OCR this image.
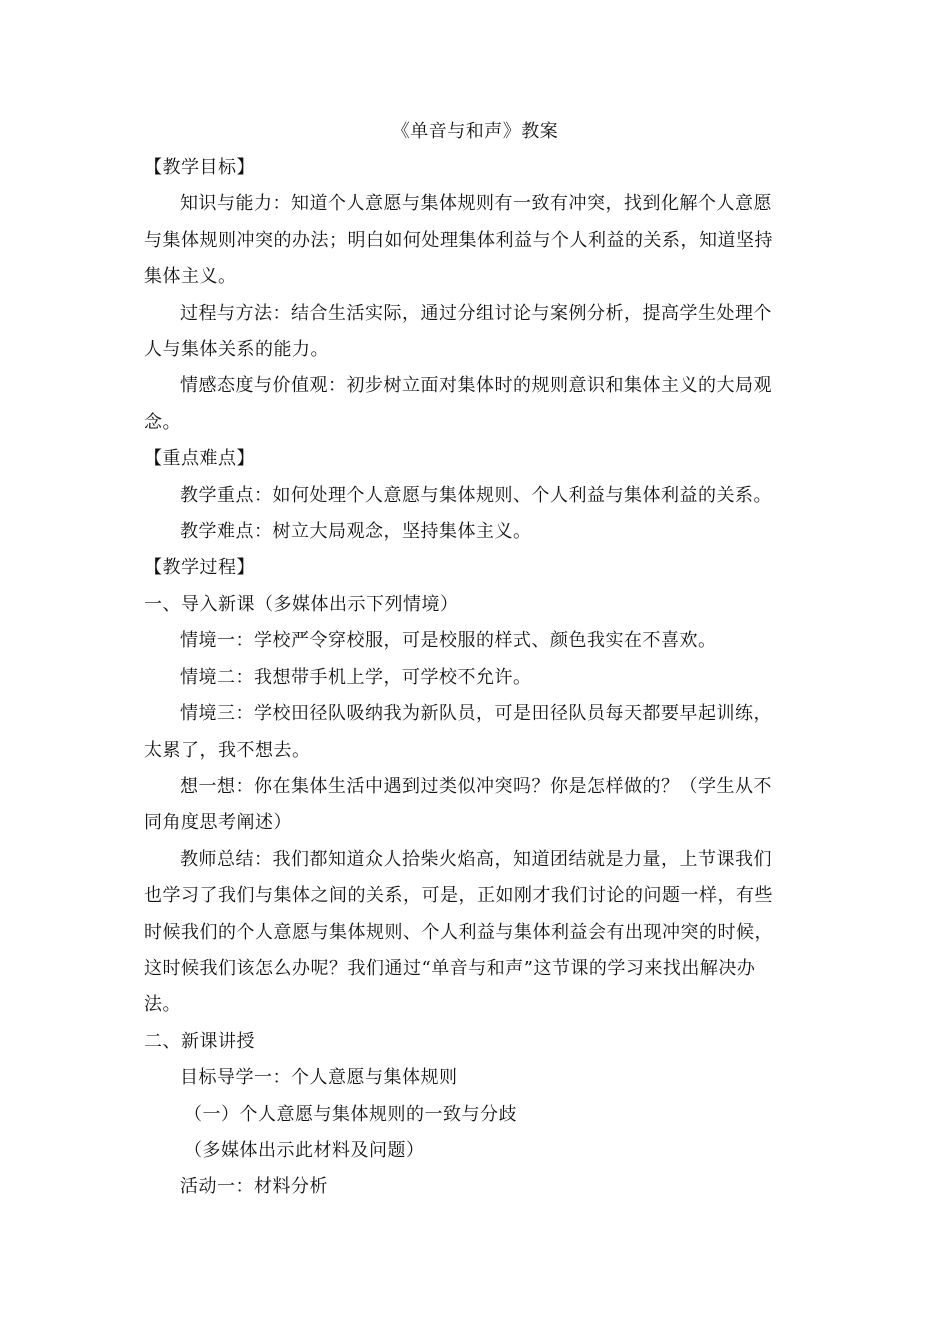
《单音与和声》教案

【教学目标】

知识与能力：知道个人意愿与集体规则有一致有冲突，找到化解个人意愿

与集体规则冲突的办法；明白如何处理集体利益与个人利益的关系，知道坚持

集体主义。

过程与方法：结合生活实际，通过分组讨论与案例分析，提高学生处理个

人与集体关系的能力。

情感态度与价值观：初步树立面对集体时的规则意识和集体主义的大局观

念。

【重点难点】

教学重点：如何处理个人意愿与集体规则、个人利益与集体利益的关系。

教学难点：树立大局观念，坚持集体主义。

【教学过程】

一、导入新课（多媒体出示下列情境）

情境一：学校严令穿校服，可是校服的样式、颜色我实在不喜欢。

情境二：我想带手机上学，可学校不允许。

情境三：学校田径队吸纳我为新队员，可是田径队员每天都要早起训练，

太累了，我不想去。

想一想：你在集体生活中遇到过类似冲突吗？你是怎样做的？（学生从不

同角度思考阐述）

教师总结：我们都知道众人拾柴火焰高，知道团结就是力量，上节课我们

也学习了我们与集体之间的关系，可是，正如刚才我们讨论的问题一样，有些

时候我们的个人意愿与集体规则、个人利益与集体利益会有出现冲突的时候，

这时候我们该怎么办呢？我们通过“单音与和声”这节课的学习来找出解决办

法。

二、新课讲授

目标导学一：个人意愿与集体规则

（一）个人意愿与集体规则的一致与分歧

（多媒体出示此材料及问题）

活动一：材料分析
